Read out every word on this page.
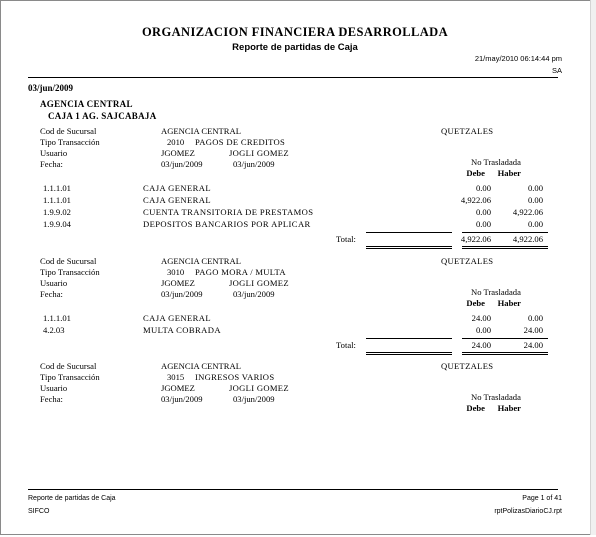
ORGANIZACION FINANCIERA DESARROLLADA
Reporte de partidas de Caja
21/may/2010 06:14:44 pm
SA
03/jun/2009
AGENCIA CENTRAL
CAJA 1 AG. SAJCABAJA
Cod de Sucursal	AGENCIA CENTRAL	QUETZALES
Tipo Transacción	2010 PAGOS DE CREDITOS
Usuario	JGOMEZ	JOGLI GOMEZ
Fecha:	03/jun/2009	03/jun/2009	No Trasladada
Debe Haber
1.1.1.01	CAJA GENERAL	0.00	0.00
1.1.1.01	CAJA GENERAL	4,922.06	0.00
1.9.9.02	CUENTA TRANSITORIA DE PRESTAMOS	0.00	4,922.06
1.9.9.04	DEPOSITOS BANCARIOS POR APLICAR	0.00	0.00
Total:	4,922.06	4,922.06
Cod de Sucursal	AGENCIA CENTRAL	QUETZALES
Tipo Transacción	3010 PAGO MORA / MULTA
Usuario	JGOMEZ	JOGLI GOMEZ
Fecha:	03/jun/2009	03/jun/2009	No Trasladada
Debe Haber
1.1.1.01	CAJA GENERAL	24.00	0.00
4.2.03	MULTA COBRADA	0.00	24.00
Total:	24.00	24.00
Cod de Sucursal	AGENCIA CENTRAL	QUETZALES
Tipo Transacción	3015 INGRESOS VARIOS
Usuario	JGOMEZ	JOGLI GOMEZ
Fecha:	03/jun/2009	03/jun/2009	No Trasladada
Debe Haber
Reporte de partidas de Caja
SIFCO
Page 1 of 41
rptPolizasDiarioCJ.rpt
